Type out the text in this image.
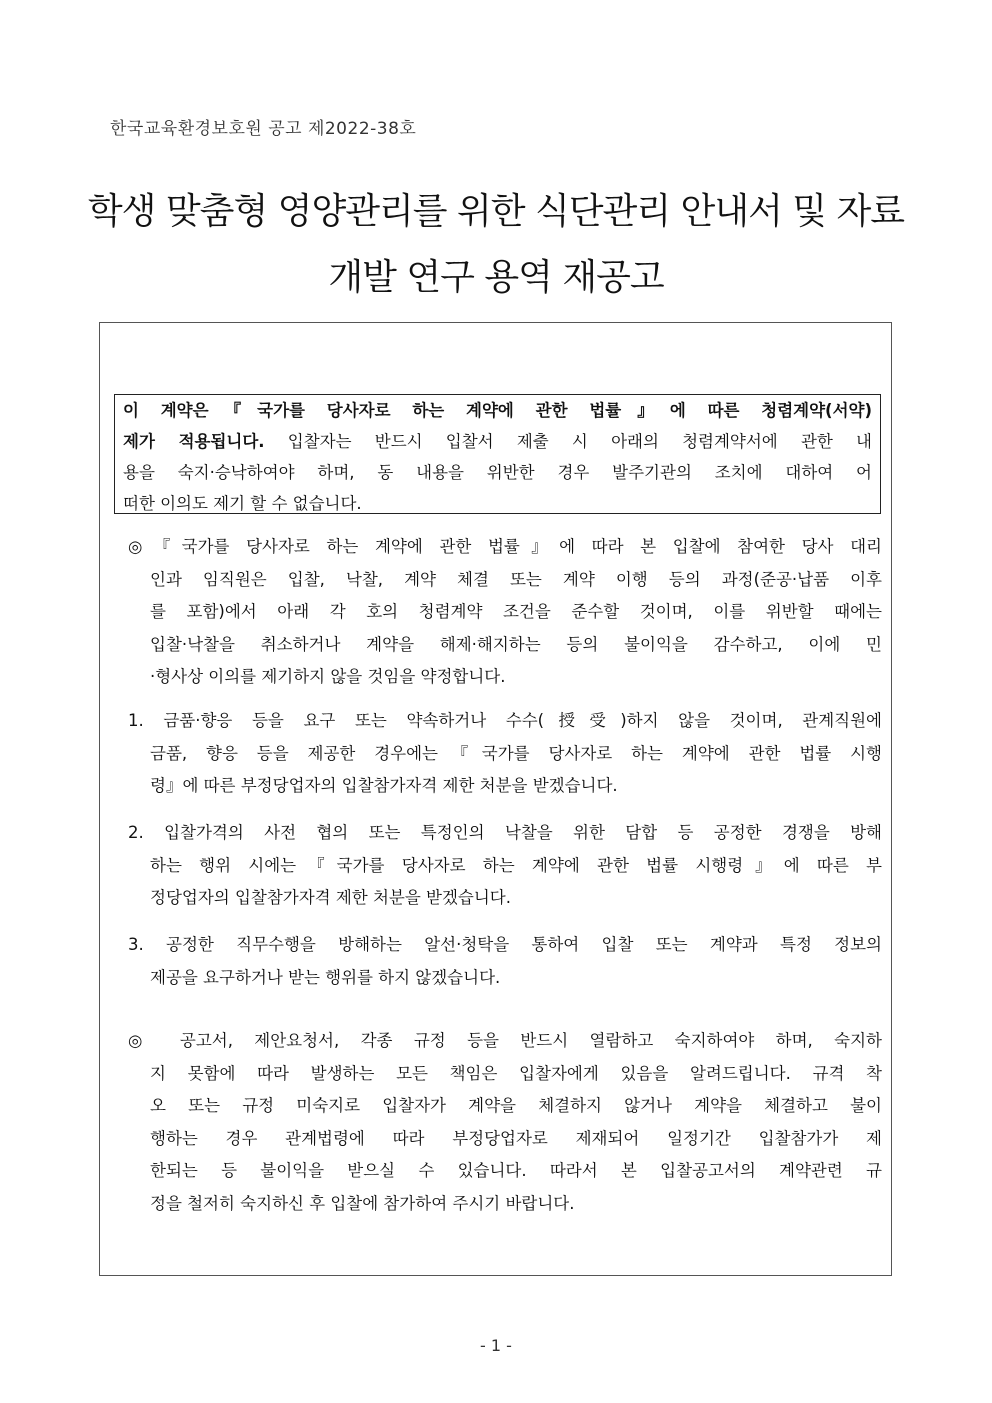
한국교육환경보호원 공고 제2022-38호
학생 맞춤형 영양관리를 위한 식단관리 안내서 및 자료
개발 연구 용역 재공고
이 계약은『국가를 당사자로 하는 계약에 관한 법률』에 따른 청렴계약(서약)
제가 적용됩니다. 입찰자는 반드시 입찰서 제출 시 아래의 청렴계약서에 관한 내
용을 숙지·승낙하여야 하며, 동 내용을 위반한 경우 발주기관의 조치에 대하여 어
떠한 이의도 제기 할 수 없습니다.
◎『국가를 당사자로 하는 계약에 관한 법률』에 따라 본 입찰에 참여한 당사 대리
인과 임직원은 입찰, 낙찰, 계약 체결 또는 계약 이행 등의 과정(준공·납품 이후
를 포함)에서 아래 각 호의 청렴계약 조건을 준수할 것이며, 이를 위반할 때에는
입찰·낙찰을 취소하거나 계약을 해제·해지하는 등의 불이익을 감수하고, 이에 민
·형사상 이의를 제기하지 않을 것임을 약정합니다.
1. 금품·향응 등을 요구 또는 약속하거나 수수(授受)하지 않을 것이며, 관계직원에
금품, 향응 등을 제공한 경우에는『국가를 당사자로 하는 계약에 관한 법률 시행
령』에 따른 부정당업자의 입찰참가자격 제한 처분을 받겠습니다.
2. 입찰가격의 사전 협의 또는 특정인의 낙찰을 위한 담합 등 공정한 경쟁을 방해
하는 행위 시에는『국가를 당사자로 하는 계약에 관한 법률 시행령』에 따른 부
정당업자의 입찰참가자격 제한 처분을 받겠습니다.
3. 공정한 직무수행을 방해하는 알선·청탁을 통하여 입찰 또는 계약과 특정 정보의
제공을 요구하거나 받는 행위를 하지 않겠습니다.
◎ 공고서, 제안요청서, 각종 규정 등을 반드시 열람하고 숙지하여야 하며, 숙지하
지 못함에 따라 발생하는 모든 책임은 입찰자에게 있음을 알려드립니다. 규격 착
오 또는 규정 미숙지로 입찰자가 계약을 체결하지 않거나 계약을 체결하고 불이
행하는 경우 관계법령에 따라 부정당업자로 제재되어 일정기간 입찰참가가 제
한되는 등 불이익을 받으실 수 있습니다. 따라서 본 입찰공고서의 계약관련 규
정을 철저히 숙지하신 후 입찰에 참가하여 주시기 바랍니다.
- 1 -
